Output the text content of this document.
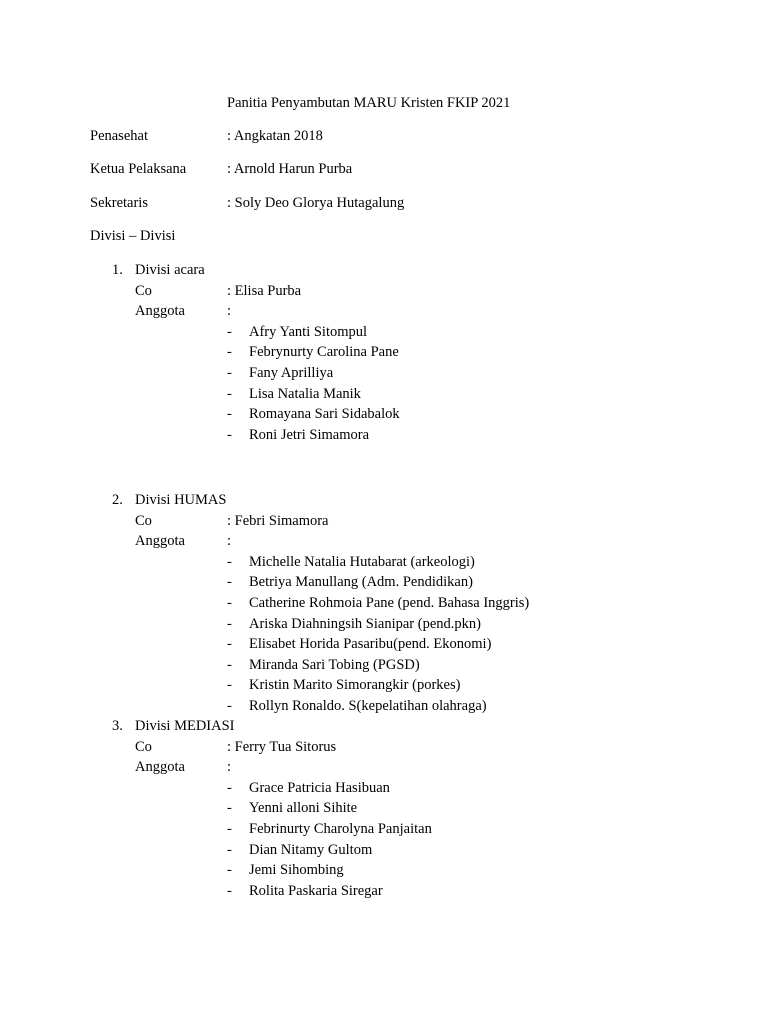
Panitia Penyambutan MARU Kristen FKIP 2021
Penasehat	: Angkatan 2018
Ketua Pelaksana	: Arnold Harun Purba
Sekretaris	: Soly Deo Glorya Hutagalung
Divisi – Divisi
1. Divisi acara
Co	: Elisa Purba
Anggota	:
- Afry Yanti Sitompul
- Febrynurty Carolina Pane
- Fany Aprilliya
- Lisa Natalia Manik
- Romayana Sari Sidabalok
- Roni Jetri Simamora
2. Divisi HUMAS
Co	: Febri Simamora
Anggota	:
- Michelle Natalia Hutabarat (arkeologi)
- Betriya Manullang (Adm. Pendidikan)
- Catherine Rohmoia Pane (pend. Bahasa Inggris)
- Ariska Diahningsih Sianipar (pend.pkn)
- Elisabet Horida Pasaribu(pend. Ekonomi)
- Miranda Sari Tobing (PGSD)
- Kristin Marito Simorangkir (porkes)
- Rollyn Ronaldo. S(kepelatihan olahraga)
3. Divisi MEDIASI
Co	: Ferry Tua Sitorus
Anggota	:
- Grace Patricia Hasibuan
- Yenni alloni Sihite
- Febrinurty Charolyna Panjaitan
- Dian Nitamy Gultom
- Jemi Sihombing
- Rolita Paskaria Siregar
